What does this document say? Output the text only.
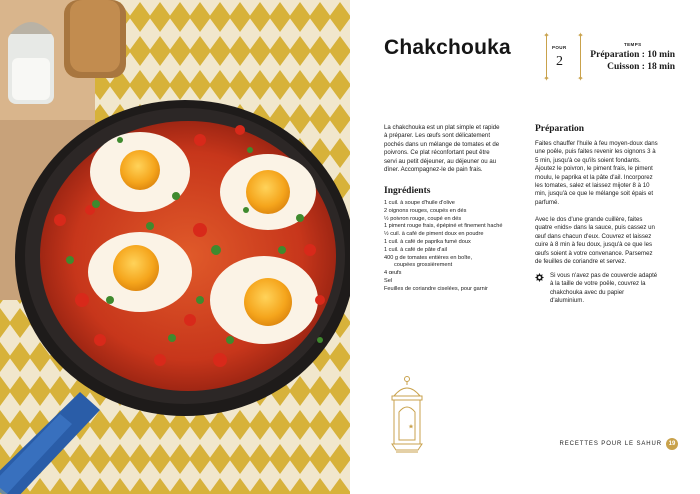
Chakchouka
✦
✦
POUR
2
✦
✦
TEMPS
Préparation : 10 min
Cuisson : 18 min

La chakchouka est un plat simple et rapide à préparer. Les œufs sont délicatement pochés dans un mélange de tomates et de poivrons. Ce plat réconfortant peut être servi au petit déjeuner, au déjeuner ou au dîner. Accompagnez-le de pain frais.

Ingrédients
1 cuil. à soupe d'huile d'olive
2 oignons rouges, coupés en dés
½ poivron rouge, coupé en dés
1 piment rouge frais, épépiné et finement haché
½ cuil. à café de piment doux en poudre
1 cuil. à café de paprika fumé doux
1 cuil. à café de pâte d'ail
400 g de tomates entières en boîte,
coupées grossièrement
4 œufs
Sel
Feuilles de coriandre ciselées, pour garnir
Préparation

Faites chauffer l'huile à feu moyen-doux dans une poêle, puis faites revenir les oignons 3 à 5 min, jusqu'à ce qu'ils soient fondants. Ajoutez le poivron, le piment frais, le piment moulu, le paprika et la pâte d'ail. Incorporez les tomates, salez et laissez mijoter 8 à 10 min, jusqu'à ce que le mélange soit épais et parfumé.

Avec le dos d'une grande cuillère, faites quatre «nids» dans la sauce, puis cassez un œuf dans chacun d'eux. Couvrez et laissez cuire à 8 min à feu doux, jusqu'à ce que les œufs soient à votre convenance. Parsemez de feuilles de coriandre et servez.

Si vous n'avez pas de couvercle adapté à la taille de votre poêle, couvrez la chakchouka avec du papier d'aluminium.

RECETTES POUR LE SAHUR	19
